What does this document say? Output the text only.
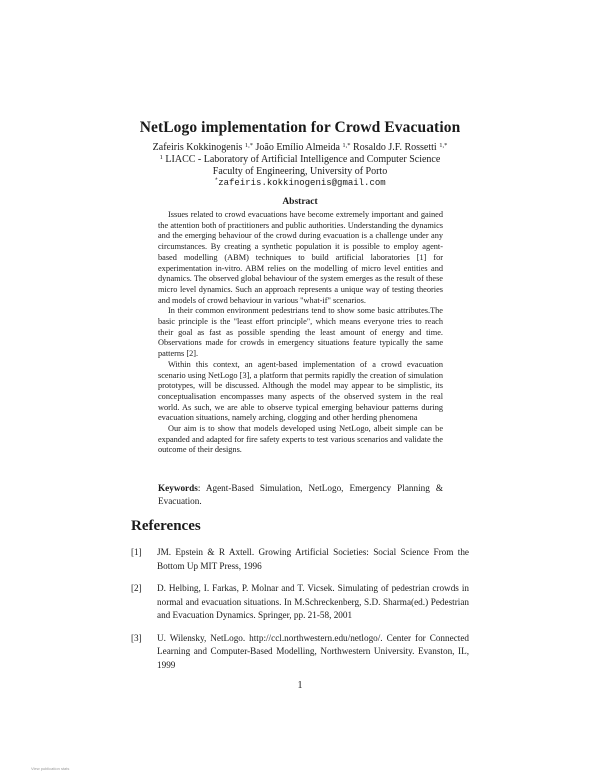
NetLogo implementation for Crowd Evacuation
Zafeiris Kokkinogenis $^{1,*}$ João Emílio Almeida $^{1,*}$ Rosaldo J.F. Rossetti $^{1,*}$
$^1$ LIACC - Laboratory of Artificial Intelligence and Computer Science
Faculty of Engineering, University of Porto
*zafeiris.kokkinogenis@gmail.com
Abstract

Issues related to crowd evacuations have become extremely important and gained the attention both of practitioners and public authorities. Understanding the dynamics and the emerging behaviour of the crowd during evacuation is a challenge under any circumstances. By creating a synthetic population it is possible to employ agent-based modelling (ABM) techniques to build artificial laboratories [1] for experimentation in-vitro. ABM relies on the modelling of micro level entities and dynamics. The observed global behaviour of the system emerges as the result of these micro level dynamics. Such an approach represents a unique way of testing theories and models of crowd behaviour in various "what-if" scenarios.

In their common environment pedestrians tend to show some basic attributes.The basic principle is the "least effort principle", which means everyone tries to reach their goal as fast as possible spending the least amount of energy and time. Observations made for crowds in emergency situations feature typically the same patterns [2].

Within this context, an agent-based implementation of a crowd evacuation scenario using NetLogo [3], a platform that permits rapidly the creation of simulation prototypes, will be discussed. Although the model may appear to be simplistic, its conceptualisation encompasses many aspects of the observed system in the real world. As such, we are able to observe typical emerging behaviour patterns during evacuation situations, namely arching, clogging and other herding phenomena

Our aim is to show that models developed using NetLogo, albeit simple can be expanded and adapted for fire safety experts to test various scenarios and validate the outcome of their designs.

Keywords: Agent-Based Simulation, NetLogo, Emergency Planning & Evacuation.
References
[1]	JM. Epstein & R Axtell. Growing Artificial Societies: Social Science From the Bottom Up MIT Press, 1996
[2]	D. Helbing, I. Farkas, P. Molnar and T. Vicsek. Simulating of pedestrian crowds in normal and evacuation situations. In M.Schreckenberg, S.D. Sharma(ed.) Pedestrian and Evacuation Dynamics. Springer, pp. 21-58, 2001
[3]	U. Wilensky, NetLogo. http://ccl.northwestern.edu/netlogo/. Center for Connected Learning and Computer-Based Modelling, Northwestern University. Evanston, IL, 1999
1
View publication stats
